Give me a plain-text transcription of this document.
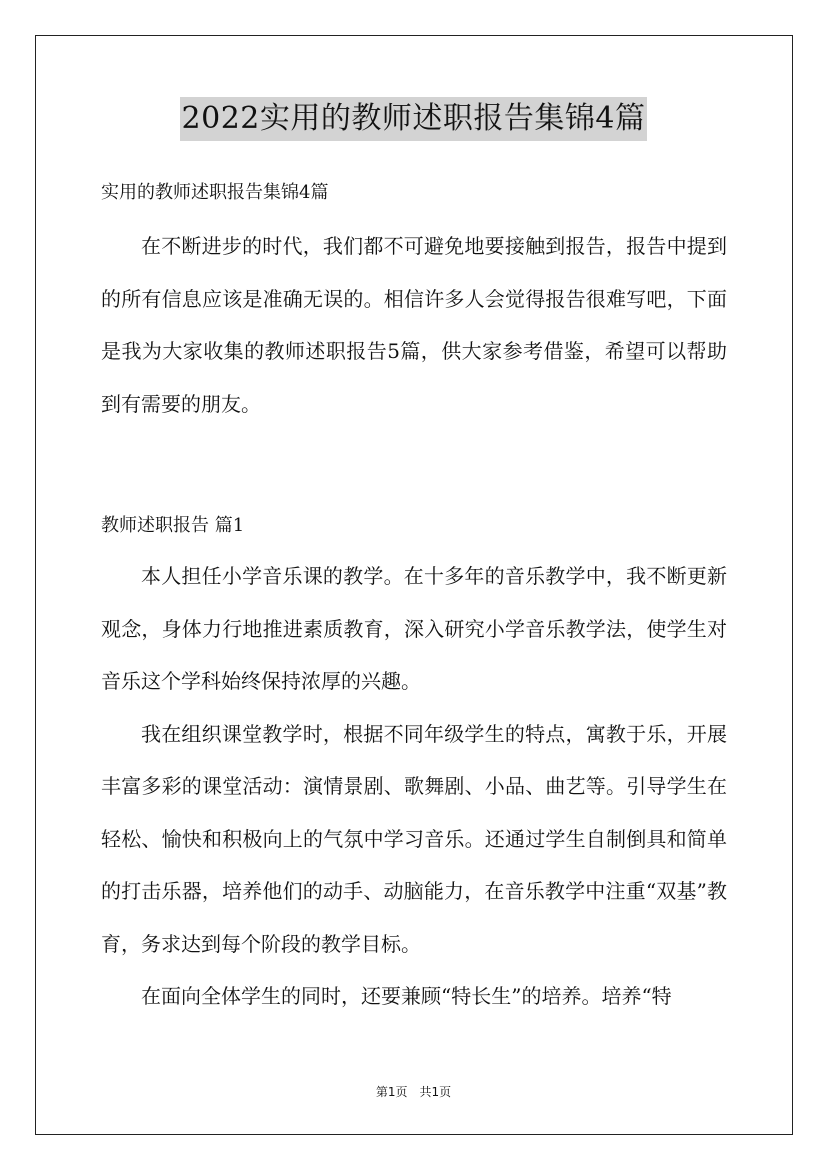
2022实用的教师述职报告集锦4篇

实用的教师述职报告集锦4篇

在不断进步的时代，我们都不可避免地要接触到报告，报告中提到的所有信息应该是准确无误的。相信许多人会觉得报告很难写吧，下面是我为大家收集的教师述职报告5篇，供大家参考借鉴，希望可以帮助到有需要的朋友。

教师述职报告 篇1

本人担任小学音乐课的教学。在十多年的音乐教学中，我不断更新观念，身体力行地推进素质教育，深入研究小学音乐教学法，使学生对音乐这个学科始终保持浓厚的兴趣。

我在组织课堂教学时，根据不同年级学生的特点，寓教于乐，开展丰富多彩的课堂活动：演情景剧、歌舞剧、小品、曲艺等。引导学生在轻松、愉快和积极向上的气氛中学习音乐。还通过学生自制倒具和简单的打击乐器，培养他们的动手、动脑能力，在音乐教学中注重“双基”教育，务求达到每个阶段的教学目标。

在面向全体学生的同时，还要兼顾“特长生”的培养。培养“特

第1页　共1页
